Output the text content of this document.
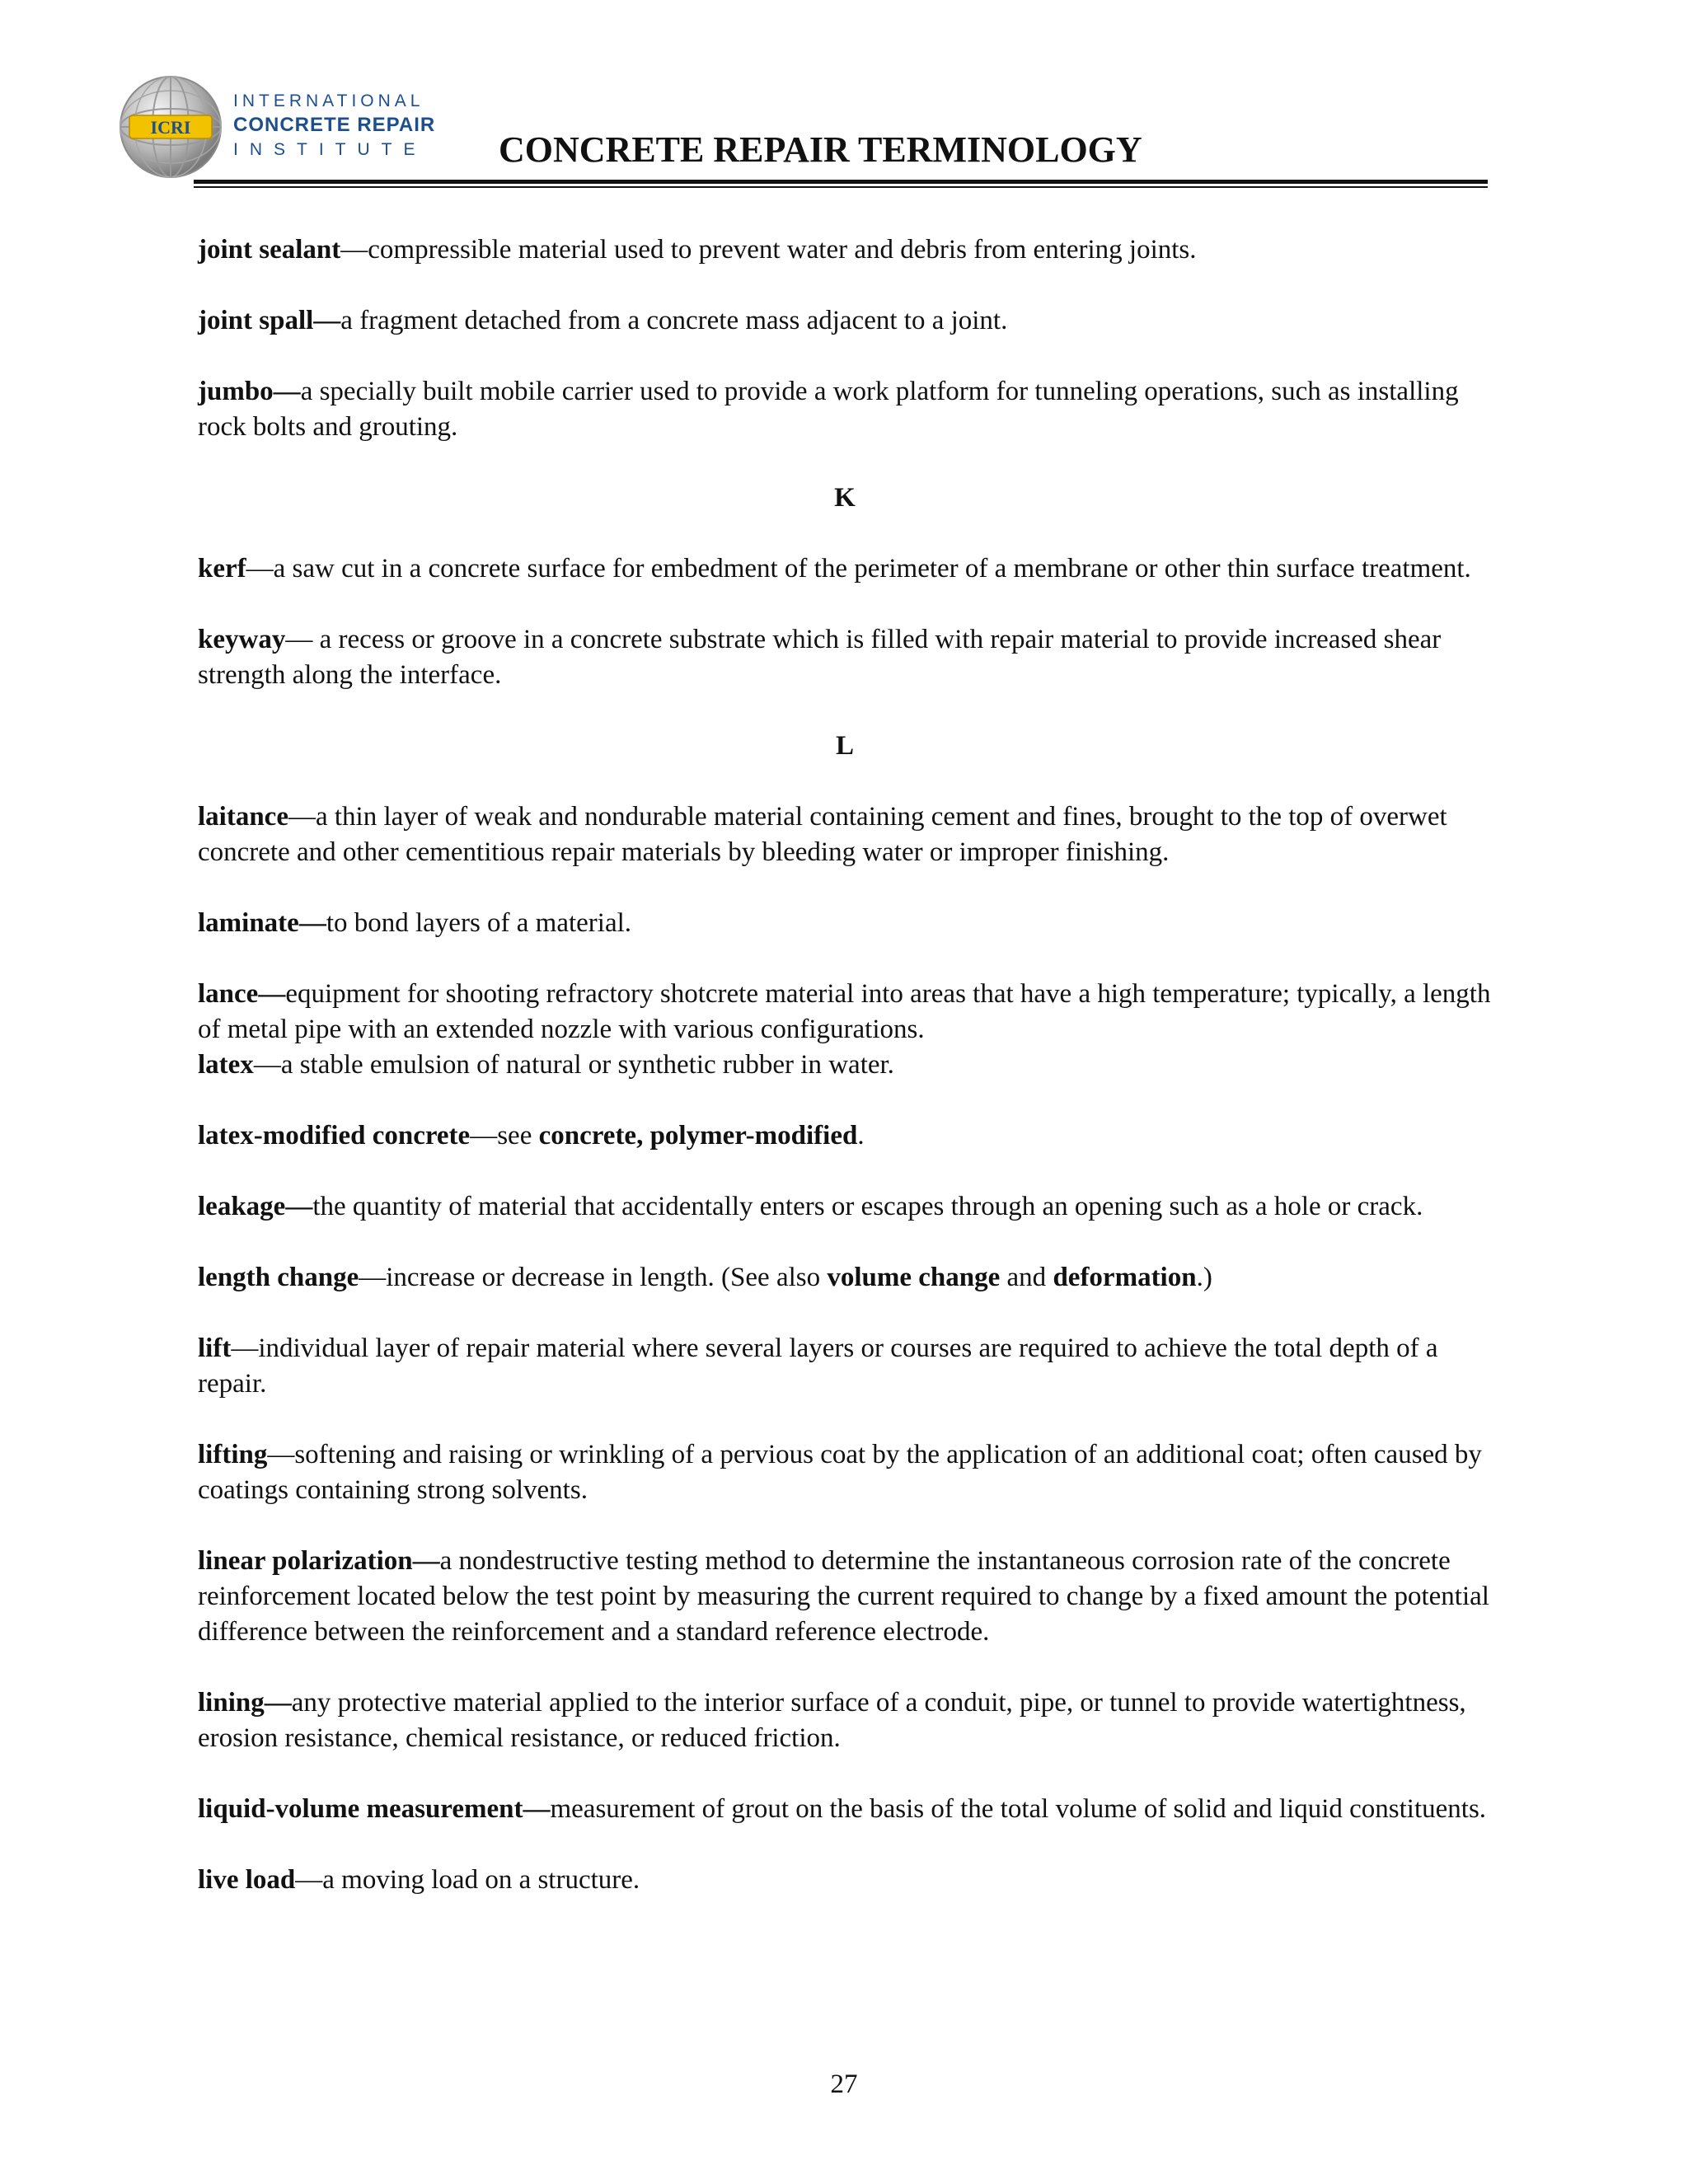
ICRI
INTERNATIONAL
CONCRETE REPAIR
INSTITUTE CONCRETE REPAIR TERMINOLOGY

joint sealant—compressible material used to prevent water and debris from entering joints.

joint spall—a fragment detached from a concrete mass adjacent to a joint.

jumbo—a specially built mobile carrier used to provide a work platform for tunneling operations, such as installing rock bolts and grouting.

K

kerf—a saw cut in a concrete surface for embedment of the perimeter of a membrane or other thin surface treatment.

keyway— a recess or groove in a concrete substrate which is filled with repair material to provide increased shear strength along the interface.

L

laitance—a thin layer of weak and nondurable material containing cement and fines, brought to the top of overwet concrete and other cementitious repair materials by bleeding water or improper finishing.

laminate—to bond layers of a material.

lance—equipment for shooting refractory shotcrete material into areas that have a high temperature; typically, a length of metal pipe with an extended nozzle with various configurations.

latex—a stable emulsion of natural or synthetic rubber in water.

latex-modified concrete—see concrete, polymer-modified.

leakage—the quantity of material that accidentally enters or escapes through an opening such as a hole or crack.

length change—increase or decrease in length. (See also volume change and deformation.)

lift—individual layer of repair material where several layers or courses are required to achieve the total depth of a repair.

lifting—softening and raising or wrinkling of a pervious coat by the application of an additional coat; often caused by coatings containing strong solvents.

linear polarization—a nondestructive testing method to determine the instantaneous corrosion rate of the concrete reinforcement located below the test point by measuring the current required to change by a fixed amount the potential difference between the reinforcement and a standard reference electrode.

lining—any protective material applied to the interior surface of a conduit, pipe, or tunnel to provide watertightness, erosion resistance, chemical resistance, or reduced friction.

liquid-volume measurement—measurement of grout on the basis of the total volume of solid and liquid constituents.

live load—a moving load on a structure.

27
